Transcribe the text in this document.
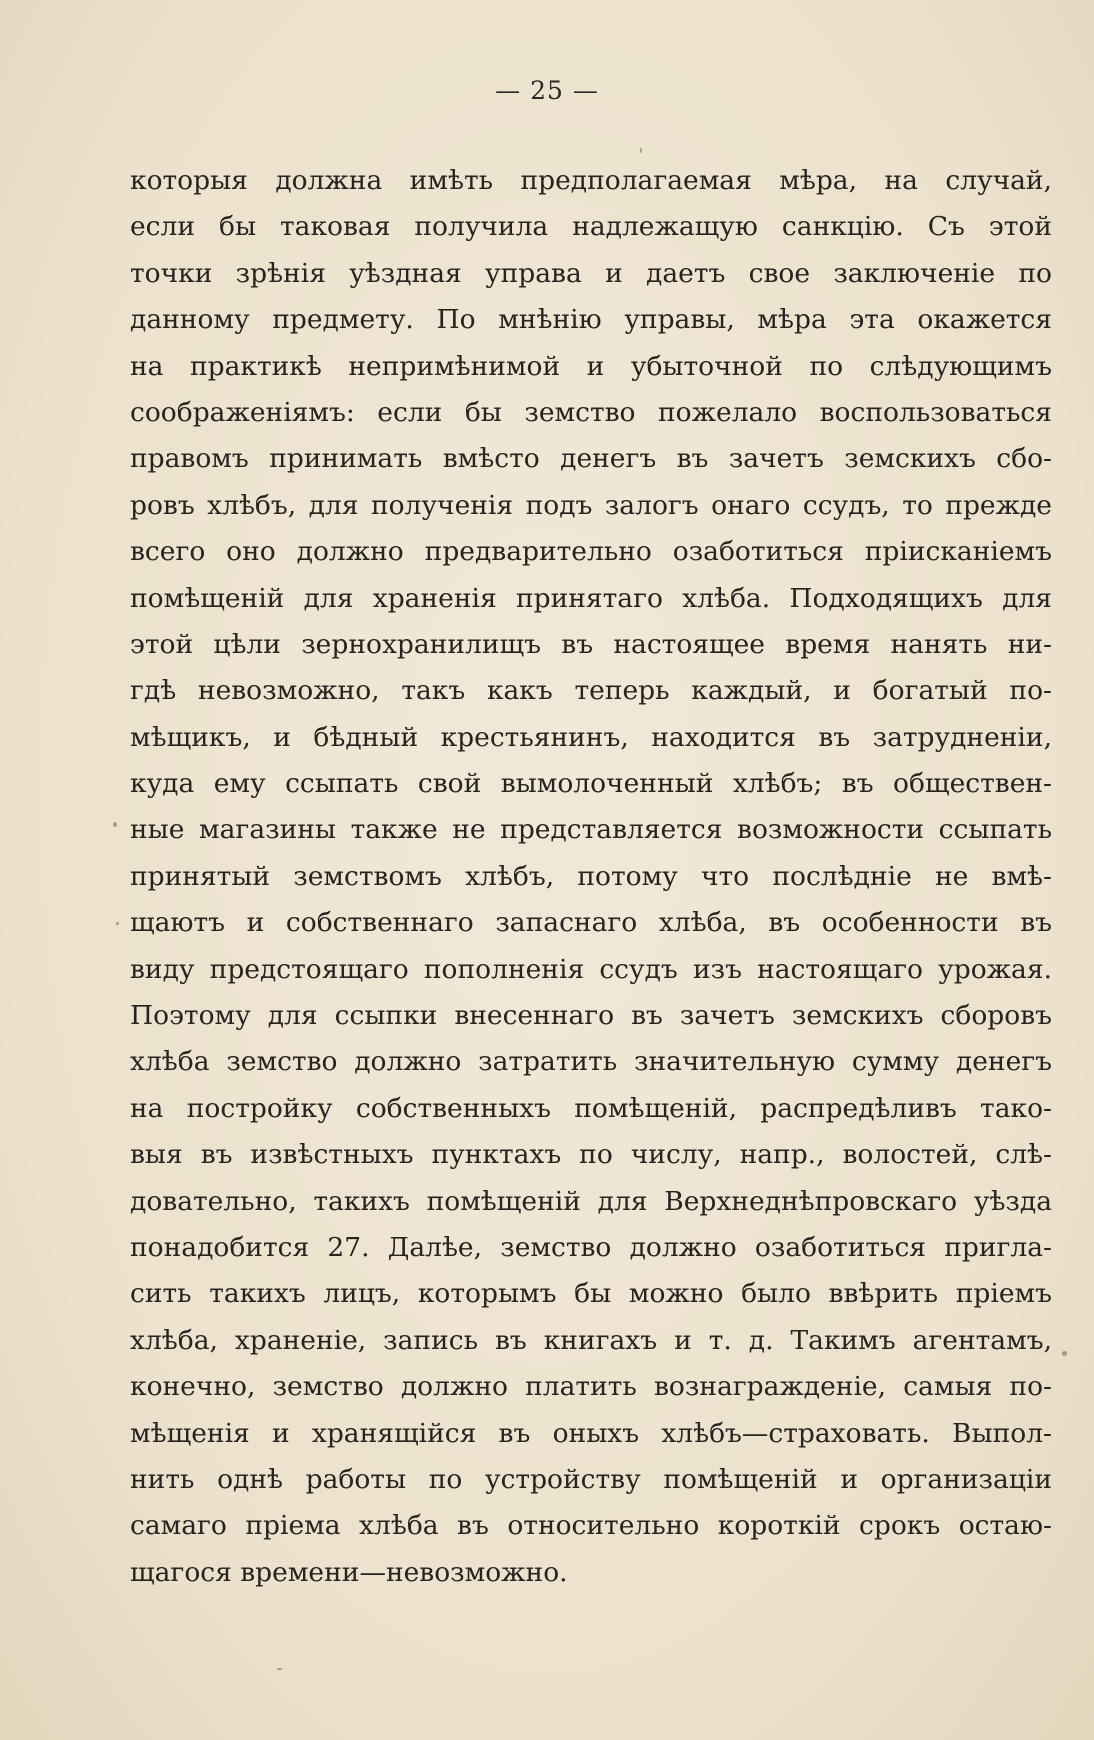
— 25 —
которыя должна имѣть предполагаемая мѣра, на случай,
если бы таковая получила надлежащую санкцію. Съ этой
точки зрѣнія уѣздная управа и даетъ свое заключеніе по
данному предмету. По мнѣнію управы, мѣра эта окажется
на практикѣ непримѣнимой и убыточной по слѣдующимъ
соображеніямъ: если бы земство пожелало воспользоваться
правомъ принимать вмѣсто денегъ въ зачетъ земскихъ сбо-
ровъ хлѣбъ, для полученія подъ залогъ онаго ссудъ, то прежде
всего оно должно предварительно озаботиться пріисканіемъ
помѣщеній для храненія принятаго хлѣба. Подходящихъ для
этой цѣли зернохранилищъ въ настоящее время нанять ни-
гдѣ невозможно, такъ какъ теперь каждый, и богатый по-
мѣщикъ, и бѣдный крестьянинъ, находится въ затрудненіи,
куда ему ссыпать свой вымолоченный хлѣбъ; въ обществен-
ные магазины также не представляется возможности ссыпать
принятый земствомъ хлѣбъ, потому что послѣдніе не вмѣ-
щаютъ и собственнаго запаснаго хлѣба, въ особенности въ
виду предстоящаго пополненія ссудъ изъ настоящаго урожая.
Поэтому для ссыпки внесеннаго въ зачетъ земскихъ сборовъ
хлѣба земство должно затратить значительную сумму денегъ
на постройку собственныхъ помѣщеній, распредѣливъ тако-
выя въ извѣстныхъ пунктахъ по числу, напр., волостей, слѣ-
довательно, такихъ помѣщеній для Верхнеднѣпровскаго уѣзда
понадобится 27. Далѣе, земство должно озаботиться пригла-
сить такихъ лицъ, которымъ бы можно было ввѣрить пріемъ
хлѣба, храненіе, запись въ книгахъ и т. д. Такимъ агентамъ,
конечно, земство должно платить вознагражденіе, самыя по-
мѣщенія и хранящійся въ оныхъ хлѣбъ—страховать. Выпол-
нить однѣ работы по устройству помѣщеній и организаціи
самаго пріема хлѣба въ относительно короткій срокъ остаю-
щагося времени—невозможно.
